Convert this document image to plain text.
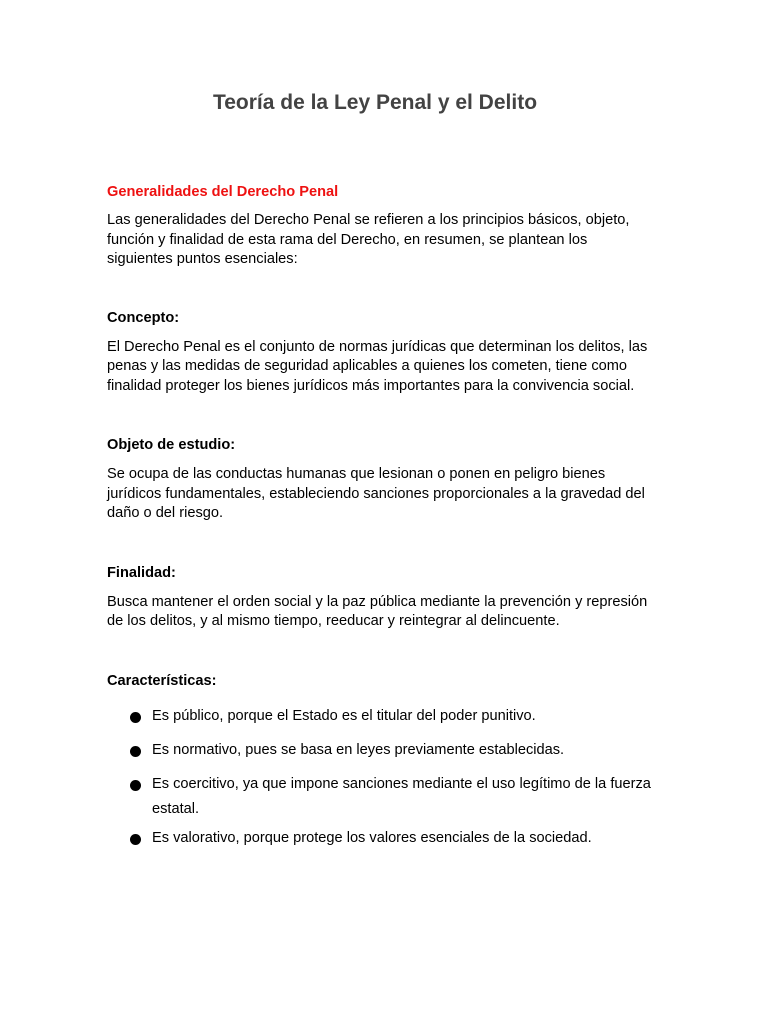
Teoría de la Ley Penal y el Delito

Generalidades del Derecho Penal

Las generalidades del Derecho Penal se refieren a los principios básicos, objeto, función y finalidad de esta rama del Derecho, en resumen, se plantean los siguientes puntos esenciales:

Concepto:

El Derecho Penal es el conjunto de normas jurídicas que determinan los delitos, las penas y las medidas de seguridad aplicables a quienes los cometen, tiene como finalidad proteger los bienes jurídicos más importantes para la convivencia social.

Objeto de estudio:

Se ocupa de las conductas humanas que lesionan o ponen en peligro bienes jurídicos fundamentales, estableciendo sanciones proporcionales a la gravedad del daño o del riesgo.

Finalidad:

Busca mantener el orden social y la paz pública mediante la prevención y represión de los delitos, y al mismo tiempo, reeducar y reintegrar al delincuente.

Características:

Es público, porque el Estado es el titular del poder punitivo.
Es normativo, pues se basa en leyes previamente establecidas.
Es coercitivo, ya que impone sanciones mediante el uso legítimo de la fuerza estatal.
Es valorativo, porque protege los valores esenciales de la sociedad.
